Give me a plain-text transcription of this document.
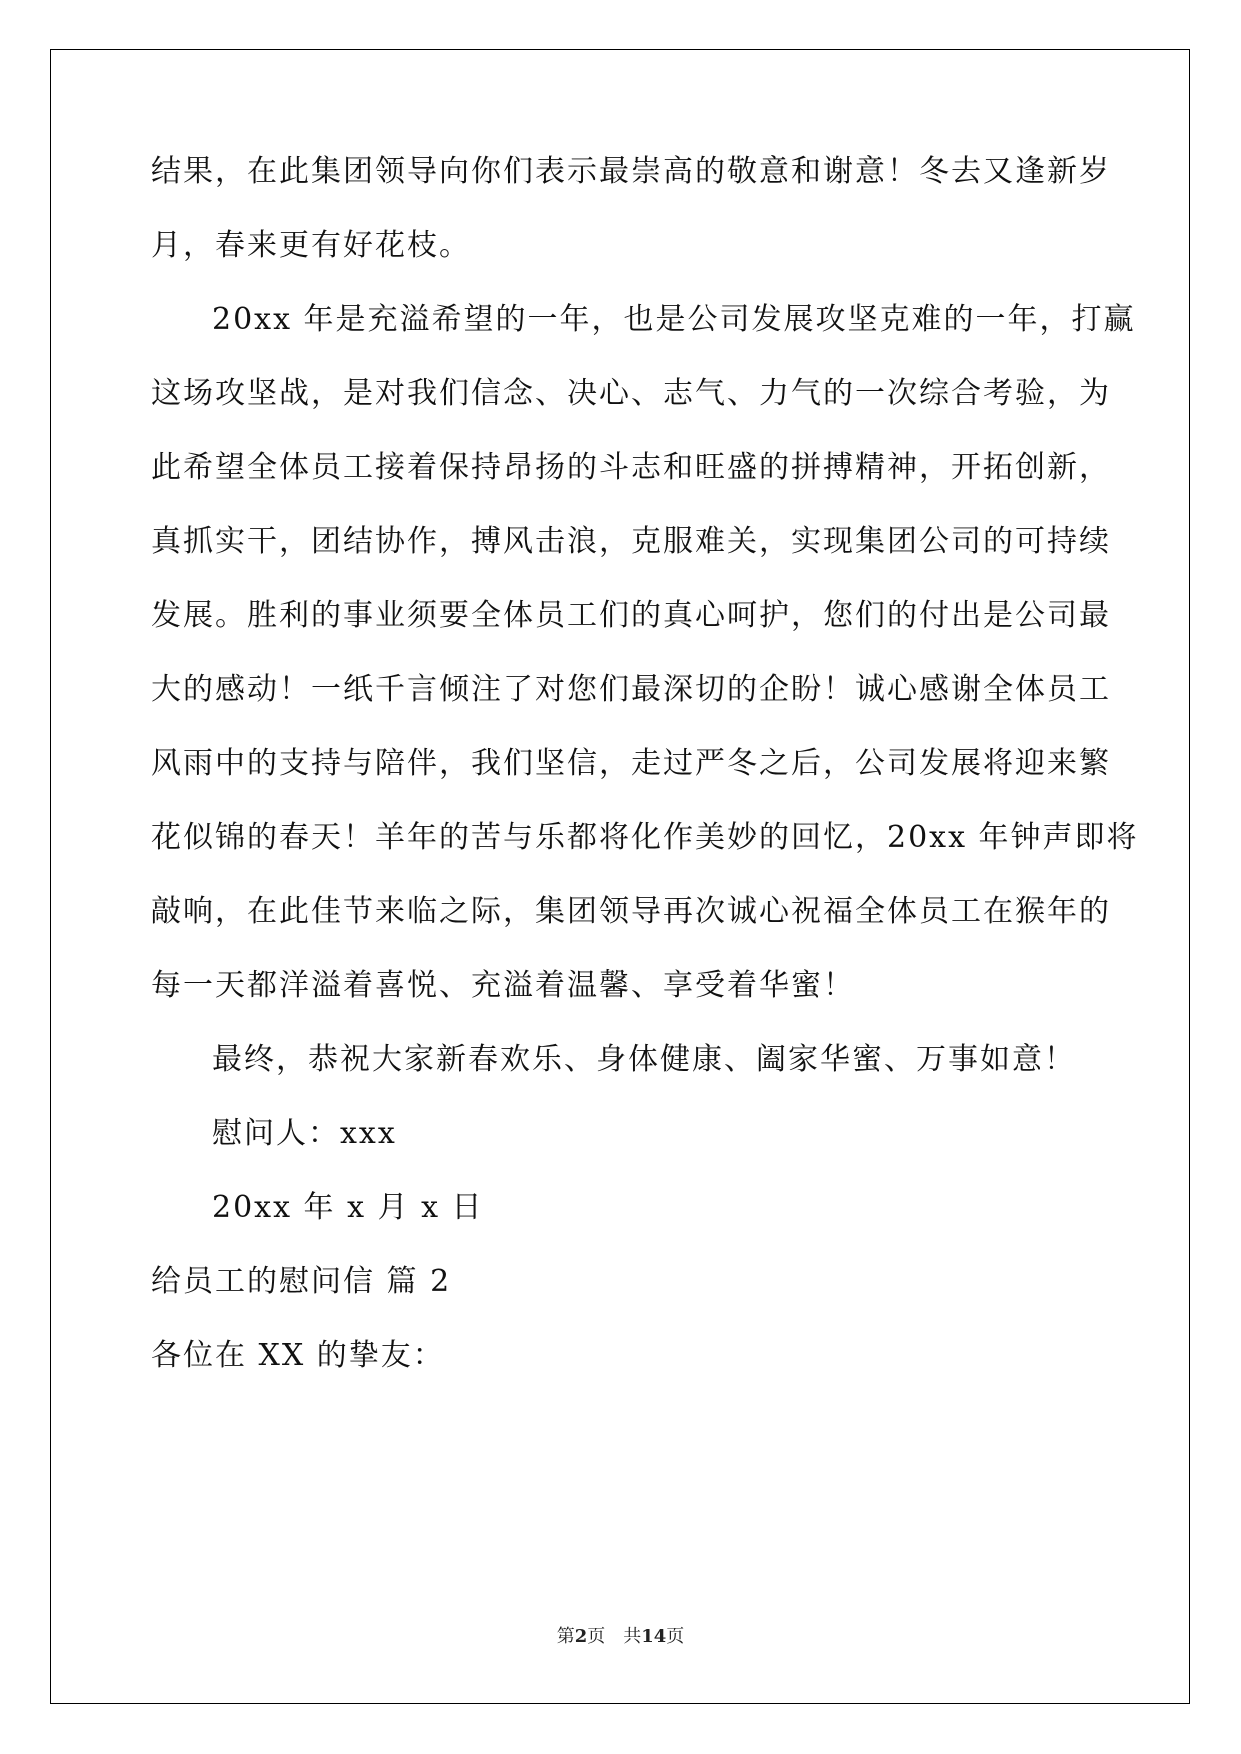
结果，在此集团领导向你们表示最崇高的敬意和谢意！冬去又逢新岁
月，春来更有好花枝。
20xx 年是充溢希望的一年，也是公司发展攻坚克难的一年，打赢
这场攻坚战，是对我们信念、决心、志气、力气的一次综合考验，为
此希望全体员工接着保持昂扬的斗志和旺盛的拼搏精神，开拓创新，
真抓实干，团结协作，搏风击浪，克服难关，实现集团公司的可持续
发展。胜利的事业须要全体员工们的真心呵护，您们的付出是公司最
大的感动！一纸千言倾注了对您们最深切的企盼！诚心感谢全体员工
风雨中的支持与陪伴，我们坚信，走过严冬之后，公司发展将迎来繁
花似锦的春天！羊年的苦与乐都将化作美妙的回忆，20xx 年钟声即将
敲响，在此佳节来临之际，集团领导再次诚心祝福全体员工在猴年的
每一天都洋溢着喜悦、充溢着温馨、享受着华蜜！
最终，恭祝大家新春欢乐、身体健康、阖家华蜜、万事如意！
慰问人：xxx
20xx 年 x 月 x 日
给员工的慰问信 篇 2
各位在 XX 的挚友：
第2页　共14页
